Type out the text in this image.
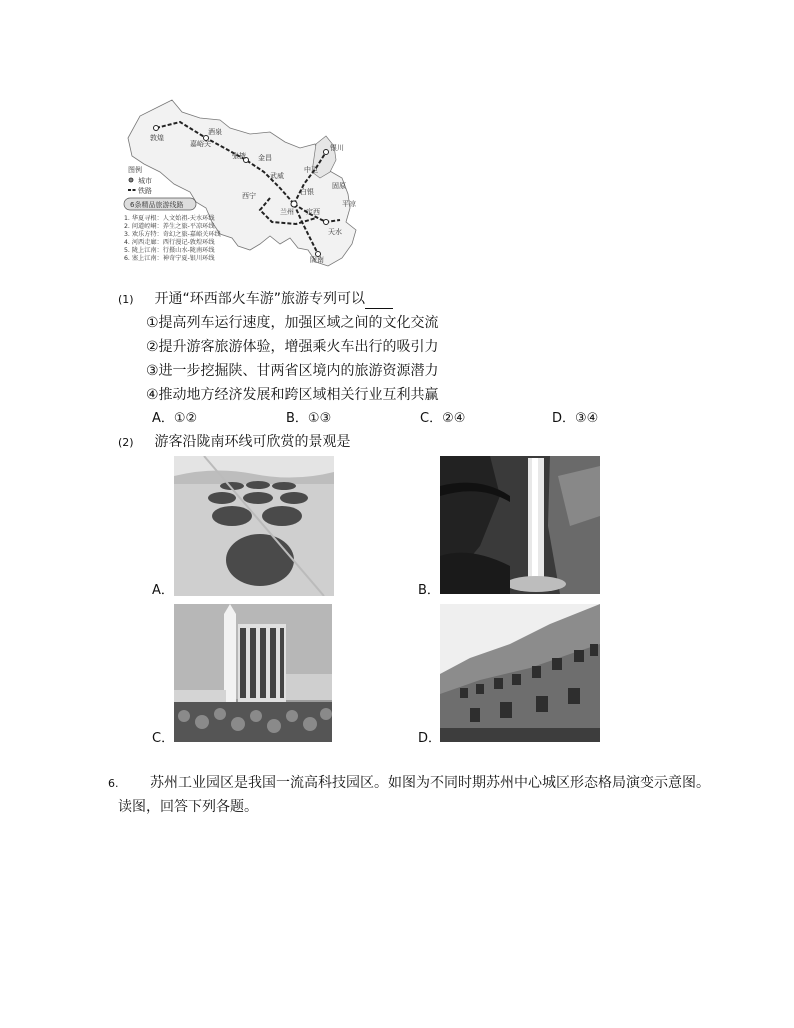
敦煌
酒泉
嘉峪关
张掖 金昌
武威
西宁
兰州
白银
银川
中卫
定西
固原
平凉
天水
陇南
图例
城市
铁路
6条精品旅游线路
1. 华夏寻根：人文始祖-天水环线
2. 问道崆峒：养生之旅-平凉环线
3. 欢乐方特：奇幻之旅-嘉峪关环线
4. 河西走廊：西行漫记-敦煌环线
5. 陇上江南：行摄山水-陇南环线
6. 塞上江南：神奇宁夏-银川环线
(1) 开通“环西部火车游”旅游专列可以
①提高列车运行速度，加强区域之间的文化交流
②提升游客旅游体验，增强乘火车出行的吸引力
③进一步挖掘陕、甘两省区境内的旅游资源潜力
④推动地方经济发展和跨区域相关行业互利共赢
A．①②	B．①③	C．②④	D．③④
(2) 游客沿陇南环线可欣赏的景观是
A．	B．
C．	D．
6. 苏州工业园区是我国一流高科技园区。如图为不同时期苏州中心城区形态格局演变示意图。
读图，回答下列各题。
